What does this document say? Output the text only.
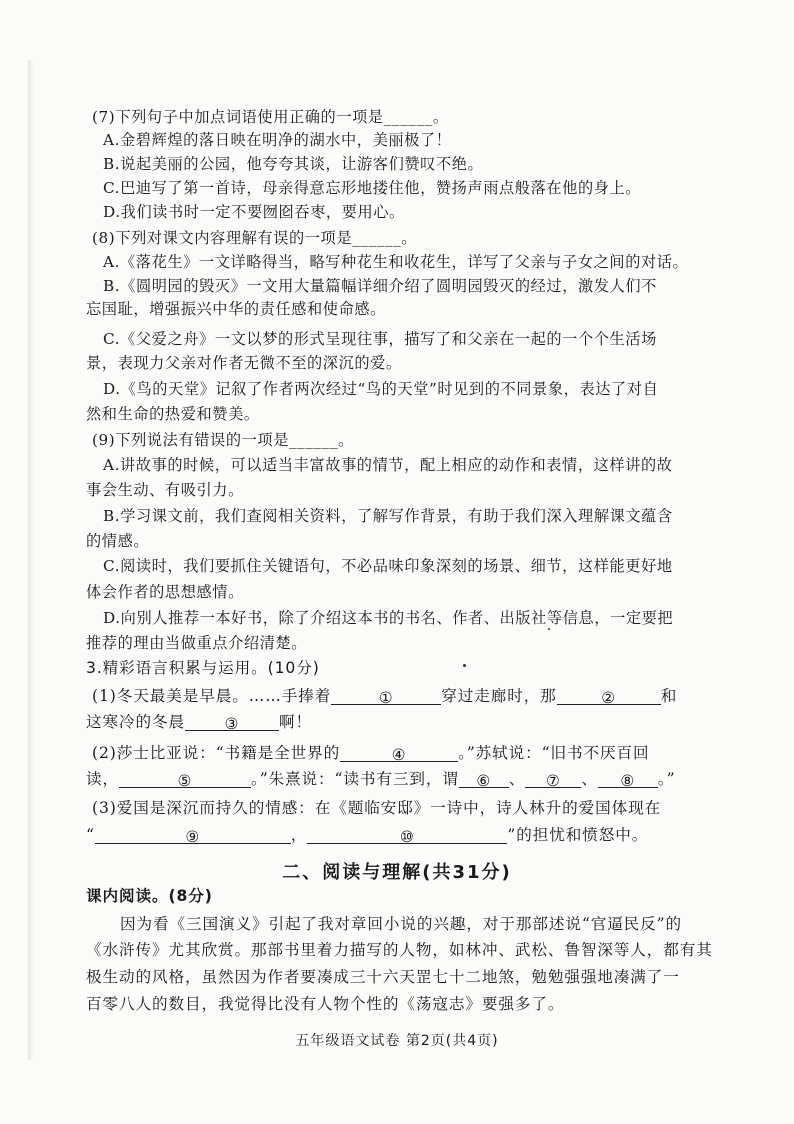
(7)下列句子中加点词语使用正确的一项是______。
A.金碧辉煌的落日映在明净的湖水中，美丽极了！
B.说起美丽的公园，他夸夸其谈，让游客们赞叹不绝。
C.巴迪写了第一首诗，母亲得意忘形地搂住他，赞扬声雨点般落在他的身上。
D.我们读书时一定不要囫囵吞枣，要用心。
(8)下列对课文内容理解有误的一项是______。
A.《落花生》一文详略得当，略写种花生和收花生，详写了父亲与子女之间的对话。
B.《圆明园的毁灭》一文用大量篇幅详细介绍了圆明园毁灭的经过，激发人们不
忘国耻，增强振兴中华的责任感和使命感。
C.《父爱之舟》一文以梦的形式呈现往事，描写了和父亲在一起的一个个生活场
景，表现力父亲对作者无微不至的深沉的爱。
D.《鸟的天堂》记叙了作者两次经过“鸟的天堂”时见到的不同景象，表达了对自
然和生命的热爱和赞美。
(9)下列说法有错误的一项是______。
A.讲故事的时候，可以适当丰富故事的情节，配上相应的动作和表情，这样讲的故
事会生动、有吸引力。
B.学习课文前，我们查阅相关资料，了解写作背景，有助于我们深入理解课文蕴含
的情感。
C.阅读时，我们要抓住关键语句，不必品味印象深刻的场景、细节，这样能更好地
体会作者的思想感情。
D.向别人推荐一本好书，除了介绍这本书的书名、作者、出版社等信息，一定要把
推荐的理由当做重点介绍清楚。
3.精彩语言积累与运用。(10分)
(1)冬天最美是早晨。……手捧着	①	穿过走廊时，那	②	和
这寒冷的冬晨	③	啊！
(2)莎士比亚说：“书籍是全世界的	④	。”苏轼说：“旧书不厌百回
读，	⑤	。”朱熹说：“读书有三到，谓 ⑥ 、 ⑦ 、 ⑧ 。”
(3)爱国是深沉而持久的情感：在《题临安邸》一诗中，诗人林升的爱国体现在
“	⑨	，	⑩	”的担忧和愤怒中。
二、阅读与理解(共31分)
课内阅读。(8分)
因为看《三国演义》引起了我对章回小说的兴趣，对于那部述说“官逼民反”的
《水浒传》尤其欣赏。那部书里着力描写的人物，如林冲、武松、鲁智深等人，都有其
极生动的风格，虽然因为作者要凑成三十六天罡七十二地煞，勉勉强强地凑满了一
百零八人的数目，我觉得比没有人物个性的《荡寇志》要强多了。
五年级语文试卷 第2页(共4页)
